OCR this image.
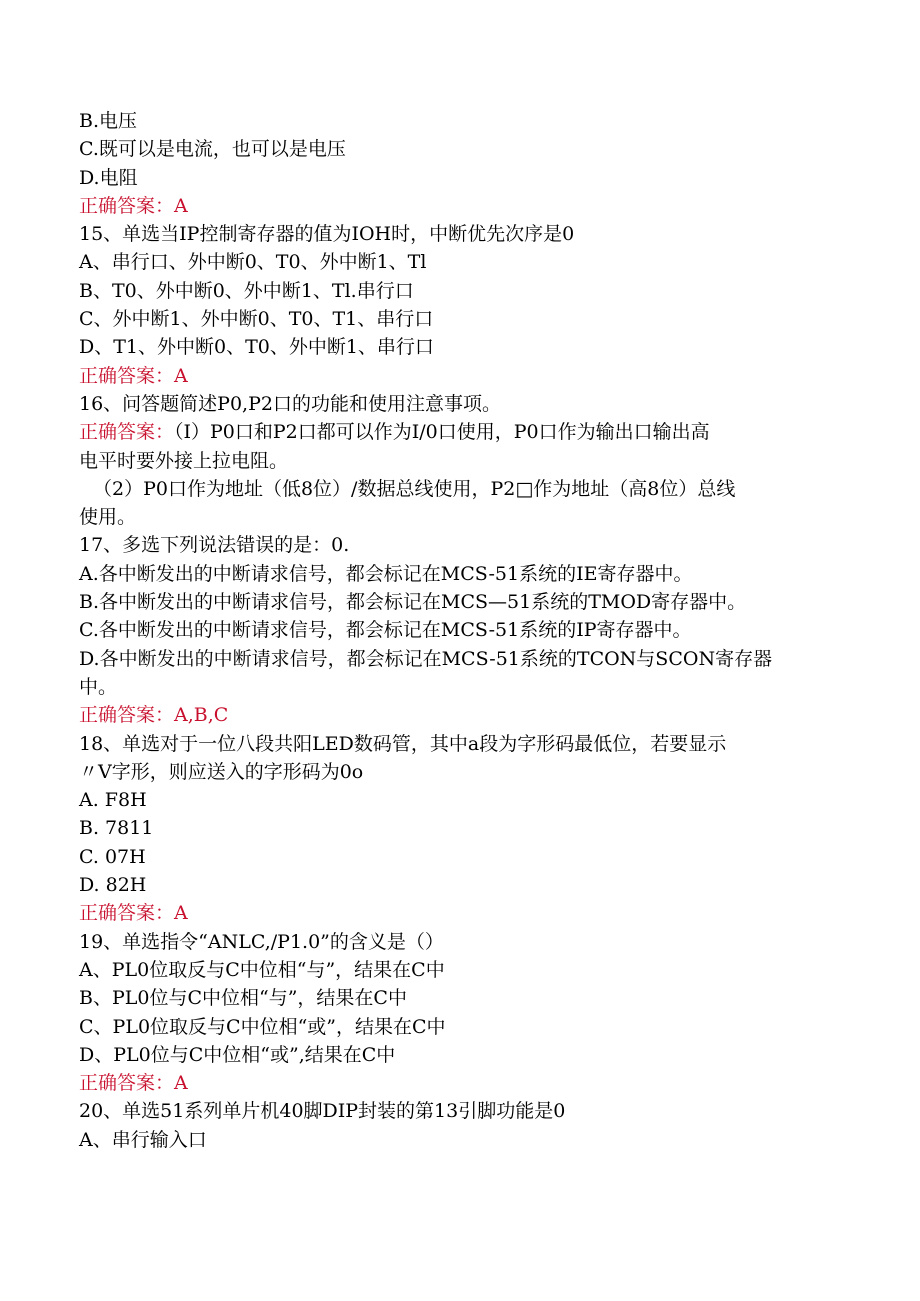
B.电压
C.既可以是电流，也可以是电压
D.电阻
正确答案：A
15、单选当IP控制寄存器的值为IOH时，中断优先次序是0
A、串行口、外中断0、T0、外中断1、Tl
B、T0、外中断0、外中断1、Tl.串行口
C、外中断1、外中断0、T0、T1、串行口
D、T1、外中断0、T0、外中断1、串行口
正确答案：A
16、问答题简述P0,P2口的功能和使用注意事项。
正确答案：（I）P0口和P2口都可以作为I/0口使用，P0口作为输出口输出高
电平时要外接上拉电阻。
（2）P0口作为地址（低8位）/数据总线使用，P2□作为地址（高8位）总线
使用。
17、多选下列说法错误的是：0.
A.各中断发出的中断请求信号，都会标记在MCS-51系统的IE寄存器中。
B.各中断发出的中断请求信号，都会标记在MCS—51系统的TMOD寄存器中。
C.各中断发出的中断请求信号，都会标记在MCS-51系统的IP寄存器中。
D.各中断发出的中断请求信号，都会标记在MCS-51系统的TCON与SCON寄存器
中。
正确答案：A,B,C
18、单选对于一位八段共阳LED数码管，其中a段为字形码最低位，若要显示
〃V字形，则应送入的字形码为0o
A. F8H
B. 7811
C. 07H
D. 82H
正确答案：A
19、单选指令“ANLC,/P1.0”的含义是（）
A、PL0位取反与C中位相“与”，结果在C中
B、PL0位与C中位相“与”，结果在C中
C、PL0位取反与C中位相“或”，结果在C中
D、PL0位与C中位相“或”,结果在C中
正确答案：A
20、单选51系列单片机40脚DIP封装的第13引脚功能是0
A、串行输入口
